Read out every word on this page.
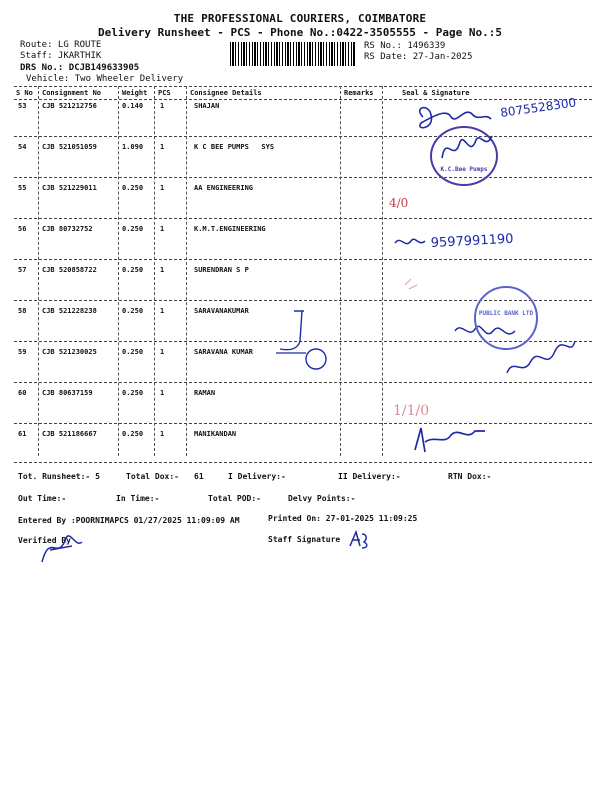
THE PROFESSIONAL COURIERS, COIMBATORE
Delivery Runsheet - PCS - Phone No.:0422-3505555 - Page No.:5
Route: LG ROUTE
Staff: JKARTHIK
DRS No.: DCJB149633905
Vehicle: Two Wheeler Delivery
RS No.: 1496339
RS Date: 27-Jan-2025
S No Consignment No	Weight PCS	Consignee Details	Remarks	Seal & Signature
53 CJB 521212756	0.140 1	SHAJAN
54 CJB 521051059	1.090 1	K C BEE PUMPS   SYS
55 CJB 521229011	0.250 1	AA ENGINEERING
56 CJB 80732752	0.250 1	K.M.T.ENGINEERING
57 CJB 520858722	0.250 1	SURENDRAN S P
58 CJB 521228238	0.250 1	SARAVANAKUMAR
59 CJB 521230025	0.250 1	SARAVANA KUMAR
60 CJB 80637159	0.250 1	RAMAN
61 CJB 521186667	0.250 1	MANIKANDAN
8075528300
4/0
9597991190
1/1/0
K.C.Bee Pumps
PUBLIC BANK LTD
Tot. Runsheet:- 5	Total Dox:- 61	I Delivery:-	II Delivery:-	RTN Dox:-
Out Time:-	In Time:-	Total POD:-	Delvy Points:-
Entered By :POORNIMAPCS 01/27/2025 11:09:09 AM	Printed On: 27-01-2025 11:09:25
Verified By	Staff Signature
